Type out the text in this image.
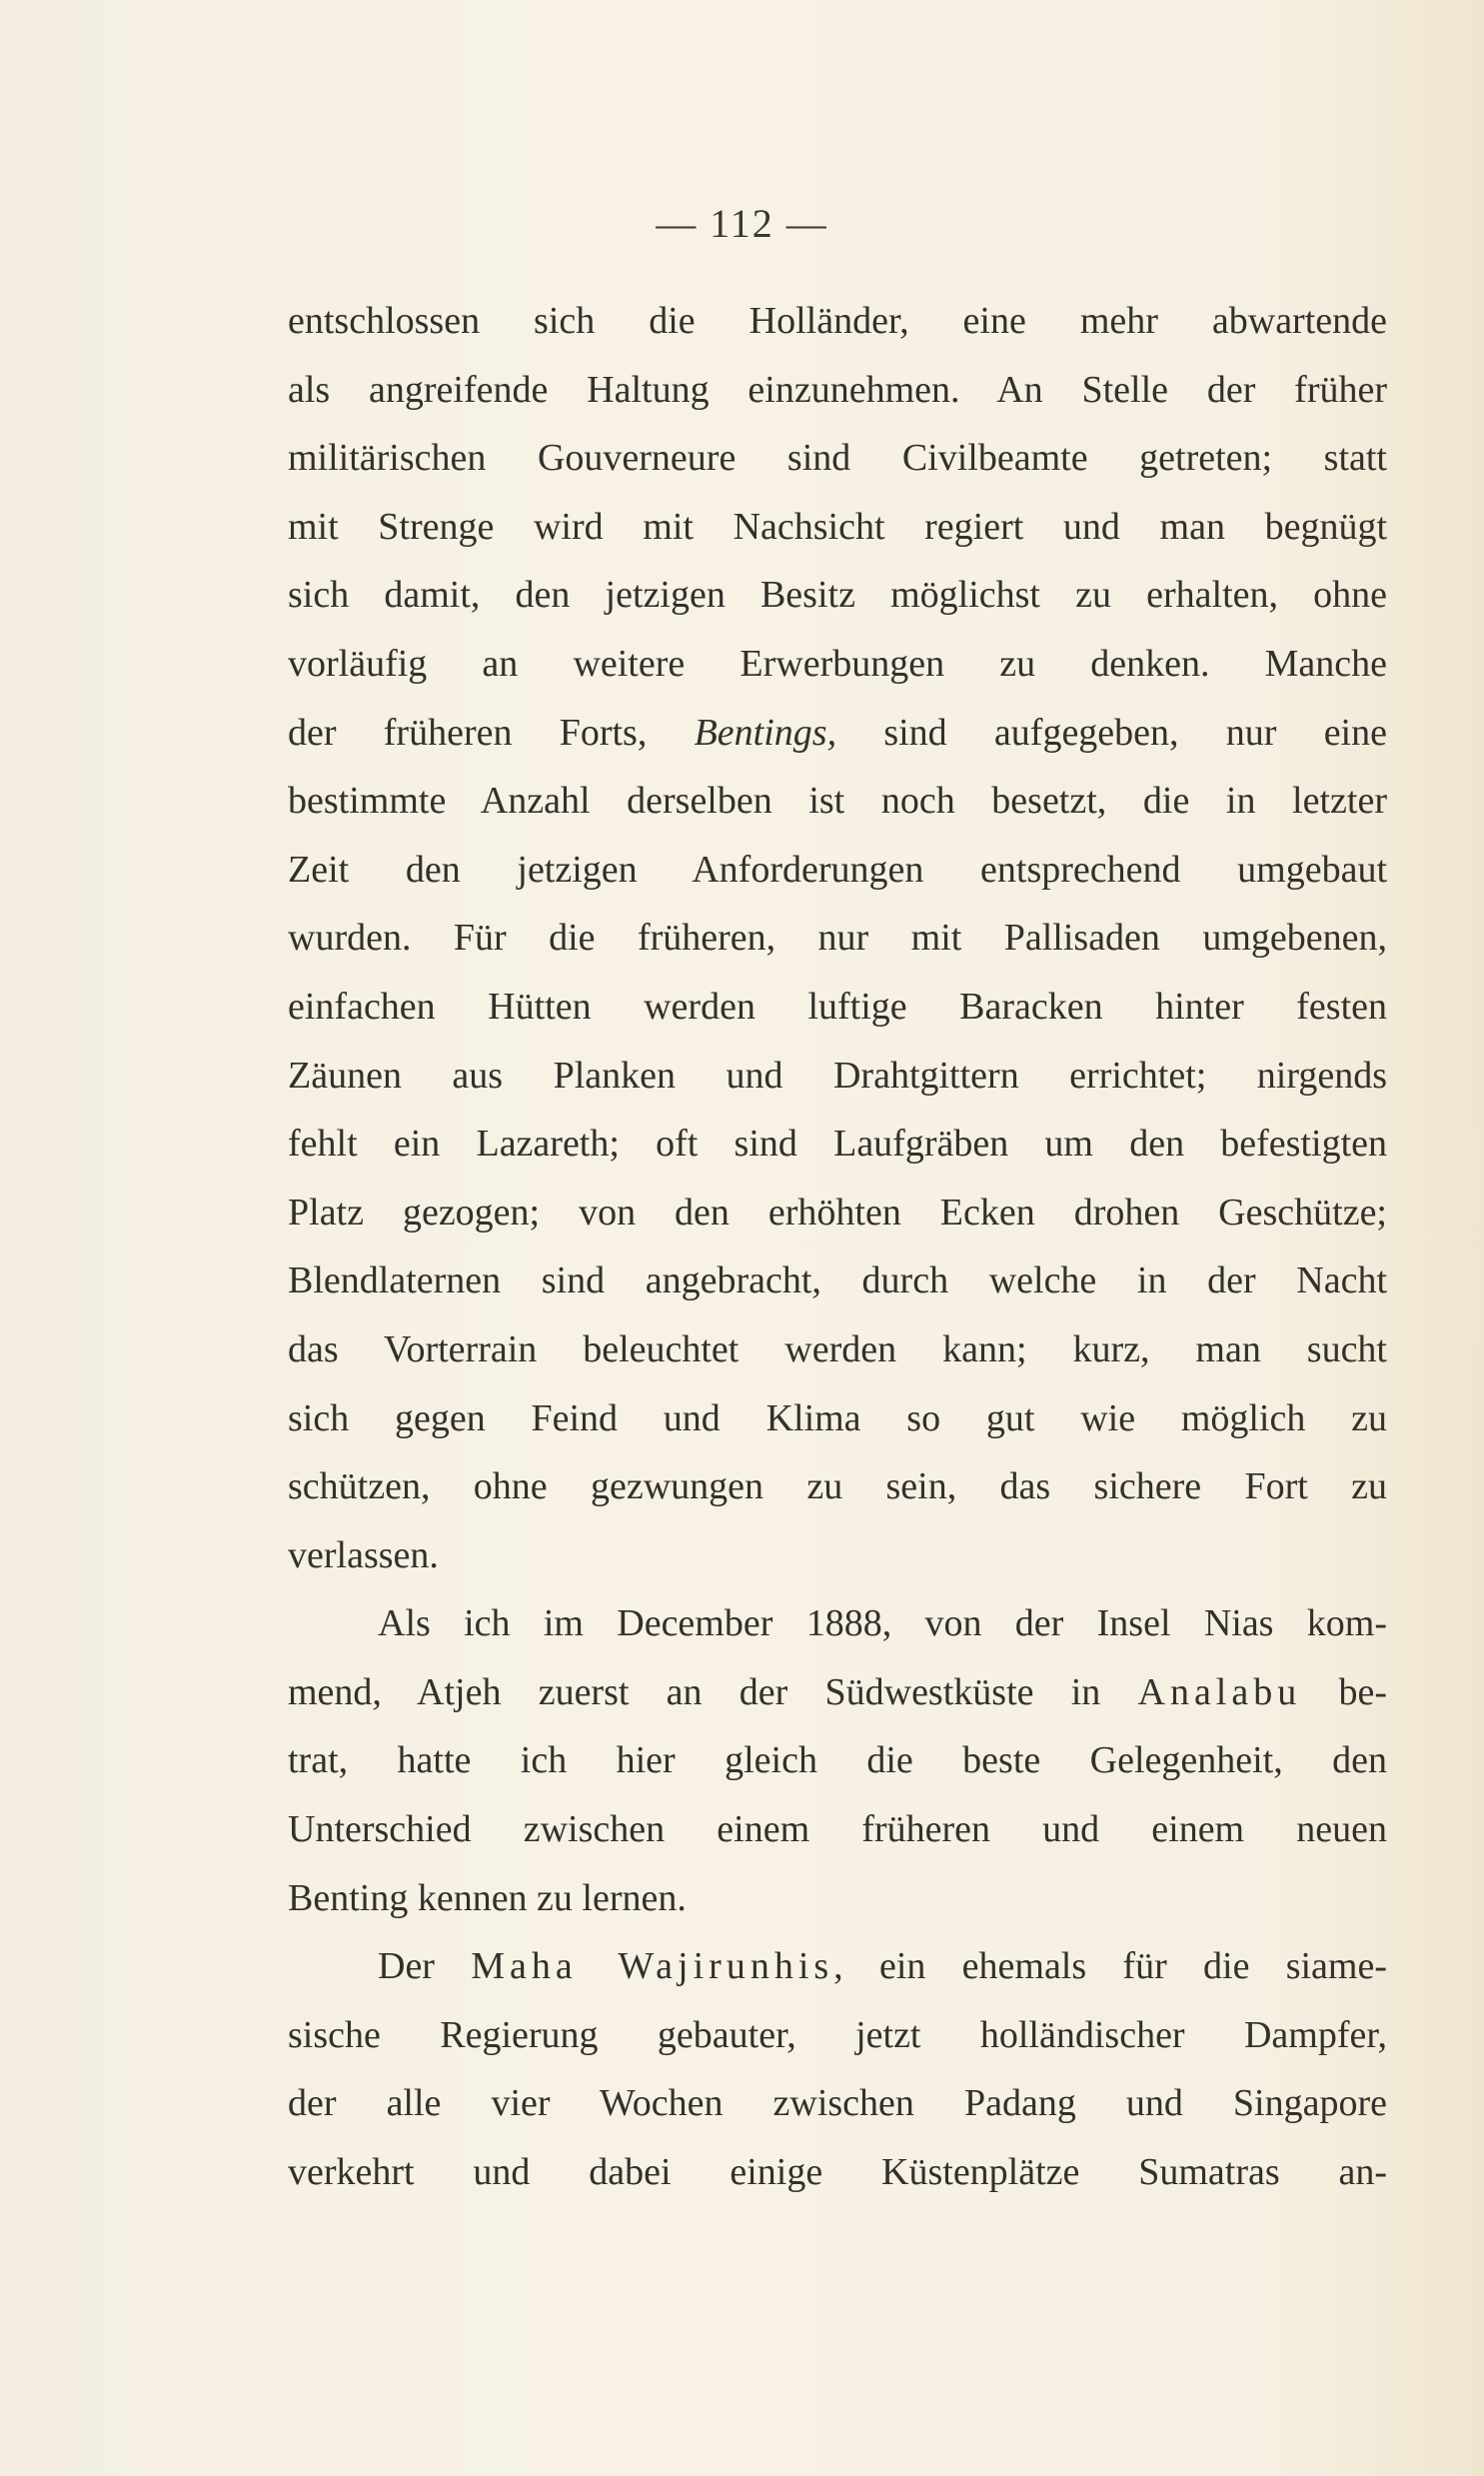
— 112 —
entschlossen sich die Holländer, eine mehr abwartende
als angreifende Haltung einzunehmen. An Stelle der früher
militärischen Gouverneure sind Civilbeamte getreten; statt
mit Strenge wird mit Nachsicht regiert und man begnügt
sich damit, den jetzigen Besitz möglichst zu erhalten, ohne
vorläufig an weitere Erwerbungen zu denken. Manche
der früheren Forts, Bentings, sind aufgegeben, nur eine
bestimmte Anzahl derselben ist noch besetzt, die in letzter
Zeit den jetzigen Anforderungen entsprechend umgebaut
wurden. Für die früheren, nur mit Pallisaden umgebenen,
einfachen Hütten werden luftige Baracken hinter festen
Zäunen aus Planken und Drahtgittern errichtet; nirgends
fehlt ein Lazareth; oft sind Laufgräben um den befestigten
Platz gezogen; von den erhöhten Ecken drohen Geschütze;
Blendlaternen sind angebracht, durch welche in der Nacht
das Vorterrain beleuchtet werden kann; kurz, man sucht
sich gegen Feind und Klima so gut wie möglich zu
schützen, ohne gezwungen zu sein, das sichere Fort zu
verlassen.
Als ich im December 1888, von der Insel Nias kom-
mend, Atjeh zuerst an der Südwestküste in Analabu be-
trat, hatte ich hier gleich die beste Gelegenheit, den
Unterschied zwischen einem früheren und einem neuen
Benting kennen zu lernen.
Der Maha Wajirunhis, ein ehemals für die siame-
sische Regierung gebauter, jetzt holländischer Dampfer,
der alle vier Wochen zwischen Padang und Singapore
verkehrt und dabei einige Küstenplätze Sumatras an-
